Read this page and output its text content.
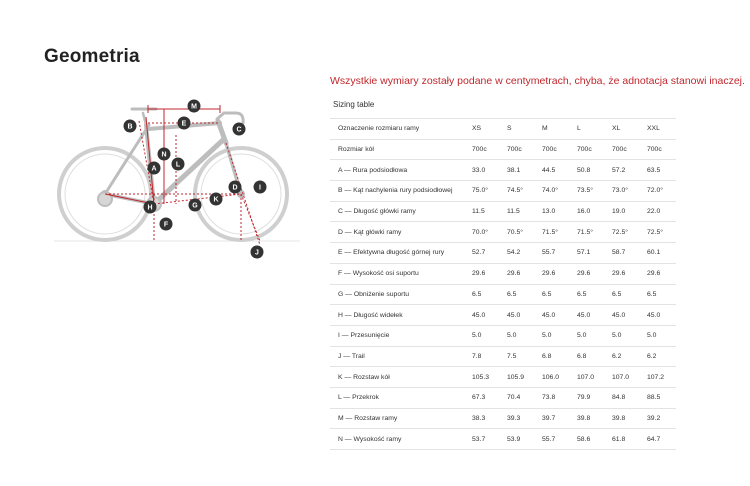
Geometria
Wszystkie wymiary zostały podane w centymetrach, chyba, że adnotacja stanowi inaczej.
Sizing table
M
B	E
C
N
A
L
D	I
K
H	G
F
J
Oznaczenie rozmiaru ramy	XS	S	M	L	XL	XXL
Rozmiar kół	700c	700c	700c	700c	700c	700c
A — Rura podsiodłowa	33.0	38.1	44.5	50.8	57.2	63.5
B — Kąt nachylenia rury podsiodłowej	75.0°	74.5°	74.0°	73.5°	73.0°	72.0°
C — Długość główki ramy	11.5	11.5	13.0	16.0	19.0	22.0
D — Kąt główki ramy	70.0°	70.5°	71.5°	71.5°	72.5°	72.5°
E — Efektywna długość górnej rury	52.7	54.2	55.7	57.1	58.7	60.1
F — Wysokość osi suportu	29.6	29.6	29.6	29.6	29.6	29.6
G — Obniżenie suportu	6.5	6.5	6.5	6.5	6.5	6.5
H — Długość widełek	45.0	45.0	45.0	45.0	45.0	45.0
I — Przesunięcie	5.0	5.0	5.0	5.0	5.0	5.0
J — Trail	7.8	7.5	6.8	6.8	6.2	6.2
K — Rozstaw kół	105.3	105.9	106.0	107.0	107.0	107.2
L — Przekrok	67.3	70.4	73.8	79.9	84.8	88.5
M — Rozstaw ramy	38.3	39.3	39.7	39.8	39.8	39.2
N — Wysokość ramy	53.7	53.9	55.7	58.6	61.8	64.7
